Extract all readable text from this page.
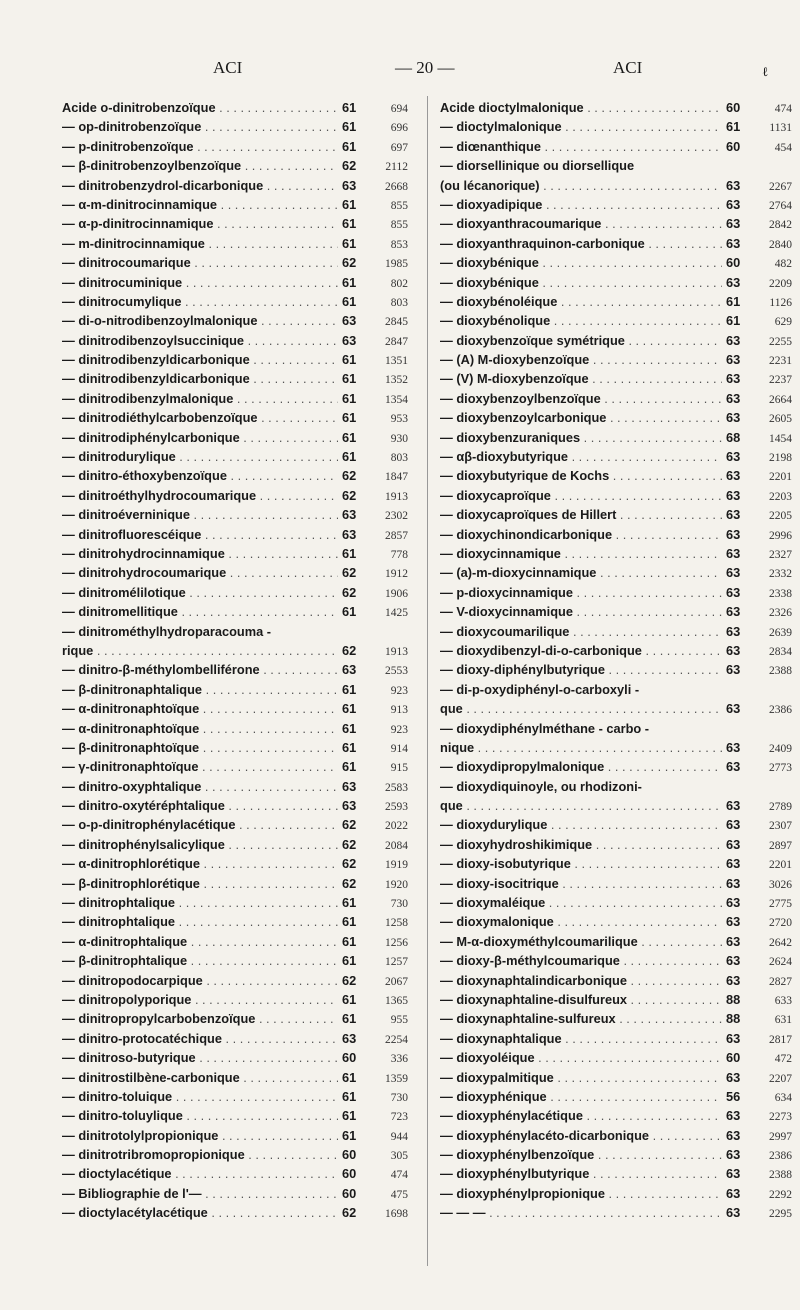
ACI	— 20 —	ACI	ℓ
Acide o-dinitrobenzoïque . . .	61	694
— op-dinitrobenzoïque . . .	61	696
— p-dinitrobenzoïque . . .	61	697
— β-dinitrobenzoylbenzoïque . . .	62	2112
— dinitrobenzydrol-dicarbonique . . .	63	2668
— α-m-dinitrocinnamique . . .	61	855
— α-p-dinitrocinnamique . . .	61	855
— m-dinitrocinnamique . . .	61	853
— dinitrocoumarique . . .	62	1985
— dinitrocuminique . . .	61	802
— dinitrocumylique . . .	61	803
— di-o-nitrodibenzoylmalonique . . .	63	2845
— dinitrodibenzoylsuccinique . . .	63	2847
— dinitrodibenzyldicarbonique . . .	61	1351
— dinitrodibenzyldicarbonique . . .	61	1352
— dinitrodibenzylmalonique . . .	61	1354
— dinitrodiéthylcarbobenzoïque . . .	61	953
— dinitrodiphénylcarbonique . . .	61	930
— dinitrodurylique . . .	61	803
— dinitro-éthoxybenzoïque . . .	62	1847
— dinitroéthylhydrocoumarique . . .	62	1913
— dinitroéverninique . . .	63	2302
— dinitrofluorescéique . . .	63	2857
— dinitrohydrocinnamique . . .	61	778
— dinitrohydrocoumarique . . .	62	1912
— dinitromélilotique . . .	62	1906
— dinitromellitique . . .	61	1425
— dinitrométhylhydroparacouma -
rique . . .	62	1913
— dinitro-β-méthylombelliférone . . .	63	2553
— β-dinitronaphtalique . . .	61	923
— α-dinitronaphtoïque . . .	61	913
— α-dinitronaphtoïque . . .	61	923
— β-dinitronaphtoïque . . .	61	914
— γ-dinitronaphtoïque . . .	61	915
— dinitro-oxyphtalique . . .	63	2583
— dinitro-oxytéréphtalique . . .	63	2593
— o-p-dinitrophénylacétique . . .	62	2022
— dinitrophénylsalicylique . . .	62	2084
— α-dinitrophlorétique . . .	62	1919
— β-dinitrophlorétique . . .	62	1920
— dinitrophtalique . . .	61	730
— dinitrophtalique . . .	61	1258
— α-dinitrophtalique . . .	61	1256
— β-dinitrophtalique . . .	61	1257
— dinitropodocarpique . . .	62	2067
— dinitropolyporique . . .	61	1365
— dinitropropylcarbobenzoïque . . .	61	955
— dinitro-protocatéchique . . .	63	2254
— dinitroso-butyrique . . .	60	336
— dinitrostilbène-carbonique . . .	61	1359
— dinitro-toluique . . .	61	730
— dinitro-toluylique . . .	61	723
— dinitrotolylpropionique . . .	61	944
— dinitrotribromopropionique . . .	60	305
— dioctylacétique . . .	60	474
— Bibliographie de l'— . . .	60	475
— dioctylacétylacétique . . .	62	1698
Acide dioctylmalonique . . .	60	474
— dioctylmalonique . . .	61	1131
— diœnanthique . . .	60	454
— diorsellinique ou diorsellique
(ou lécanorique) . . .	63	2267
— dioxyadipique . . .	63	2764
— dioxyanthracoumarique . . .	63	2842
— dioxyanthraquinon-carbonique . . .	63	2840
— dioxybénique . . .	60	482
— dioxybénique . . .	63	2209
— dioxybénoléique . . .	61	1126
— dioxybénolique . . .	61	629
— dioxybenzoïque symétrique . . .	63	2255
— (A) M-dioxybenzoïque . . .	63	2231
— (V) M-dioxybenzoïque . . .	63	2237
— dioxybenzoylbenzoïque . . .	63	2664
— dioxybenzoylcarbonique . . .	63	2605
— dioxybenzuraniques . . .	68	1454
— αβ-dioxybutyrique . . .	63	2198
— dioxybutyrique de Kochs . . .	63	2201
— dioxycaproïque . . .	63	2203
— dioxycaproïques de Hillert . . .	63	2205
— dioxychinondicarbonique . . .	63	2996
— dioxycinnamique . . .	63	2327
— (a)-m-dioxycinnamique . . .	63	2332
— p-dioxycinnamique . . .	63	2338
— V-dioxycinnamique . . .	63	2326
— dioxycoumarilique . . .	63	2639
— dioxydibenzyl-di-o-carbonique . . .	63	2834
— dioxy-diphénylbutyrique . . .	63	2388
— di-p-oxydiphényl-o-carboxyli -
que . . .	63	2386
— dioxydiphénylméthane - carbo -
nique . . .	63	2409
— dioxydipropylmalonique . . .	63	2773
— dioxydiquinoyle, ou rhodizoni-
que . . .	63	2789
— dioxydurylique . . .	63	2307
— dioxyhydroshikimique . . .	63	2897
— dioxy-isobutyrique . . .	63	2201
— dioxy-isocitrique . . .	63	3026
— dioxymaléique . . .	63	2775
— dioxymalonique . . .	63	2720
— M-α-dioxyméthylcoumarilique . . .	63	2642
— dioxy-β-méthylcoumarique . . .	63	2624
— dioxynaphtalindicarbonique . . .	63	2827
— dioxynaphtaline-disulfureux . . .	88	633
— dioxynaphtaline-sulfureux . . .	88	631
— dioxynaphtalique . . .	63	2817
— dioxyoléique . . .	60	472
— dioxypalmitique . . .	63	2207
— dioxyphénique . . .	56	634
— dioxyphénylacétique . . .	63	2273
— dioxyphénylacéto-dicarbonique . . .	63	2997
— dioxyphénylbenzoïque . . .	63	2386
— dioxyphénylbutyrique . . .	63	2388
— dioxyphénylpropionique . . .	63	2292
— — — . . .	63	2295
